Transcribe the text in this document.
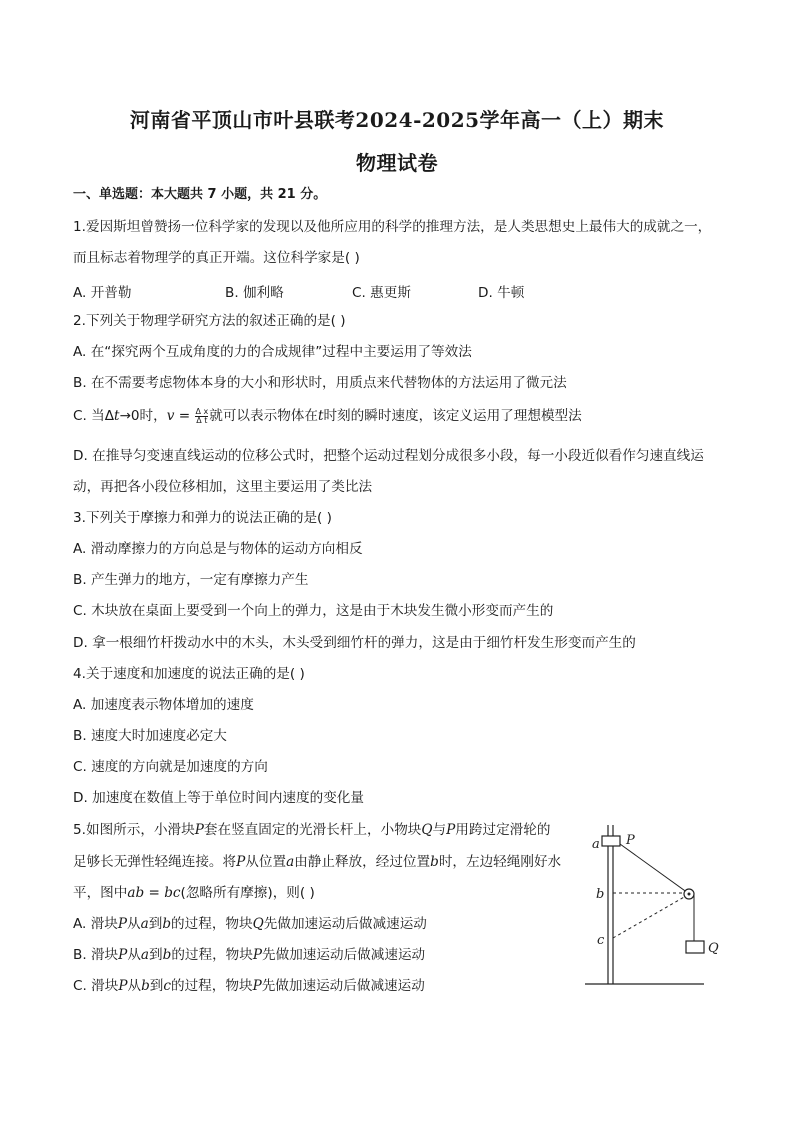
河南省平顶山市叶县联考2024-2025学年高一（上）期末
物理试卷
一、单选题：本大题共 7 小题，共 21 分。
1.爱因斯坦曾赞扬一位科学家的发现以及他所应用的科学的推理方法，是人类思想史上最伟大的成就之一，
而且标志着物理学的真正开端。这位科学家是( )
A. 开普勒	B. 伽利略	C. 惠更斯	D. 牛顿
2.下列关于物理学研究方法的叙述正确的是( )
A. 在“探究两个互成角度的力的合成规律”过程中主要运用了等效法
B. 在不需要考虑物体本身的大小和形状时，用质点来代替物体的方法运用了微元法
C. 当Δt→0时，$v = \frac{\text{Δ x}}{\text{Δ t}}$ 就可以表示物体在t时刻的瞬时速度，该定义运用了理想模型法
D. 在推导匀变速直线运动的位移公式时，把整个运动过程划分成很多小段，每一小段近似看作匀速直线运
动，再把各小段位移相加，这里主要运用了类比法
3.下列关于摩擦力和弹力的说法正确的是( )
A. 滑动摩擦力的方向总是与物体的运动方向相反
B. 产生弹力的地方，一定有摩擦力产生
C. 木块放在桌面上要受到一个向上的弹力，这是由于木块发生微小形变而产生的
D. 拿一根细竹杆拨动水中的木头，木头受到细竹杆的弹力，这是由于细竹杆发生形变而产生的
4.关于速度和加速度的说法正确的是( )
A. 加速度表示物体增加的速度
B. 速度大时加速度必定大
C. 速度的方向就是加速度的方向
D. 加速度在数值上等于单位时间内速度的变化量
5.如图所示，小滑块P套在竖直固定的光滑长杆上，小物块Q与P用跨过定滑轮的
足够长无弹性轻绳连接。将P从位置a由静止释放，经过位置b时，左边轻绳刚好水
平，图中ab = bc(忽略所有摩擦)，则( )
A. 滑块P从a到b的过程，物块Q先做加速运动后做减速运动
B. 滑块P从a到b的过程，物块P先做加速运动后做减速运动
C. 滑块P从b到c的过程，物块P先做加速运动后做减速运动
a
b
c
P
Q
